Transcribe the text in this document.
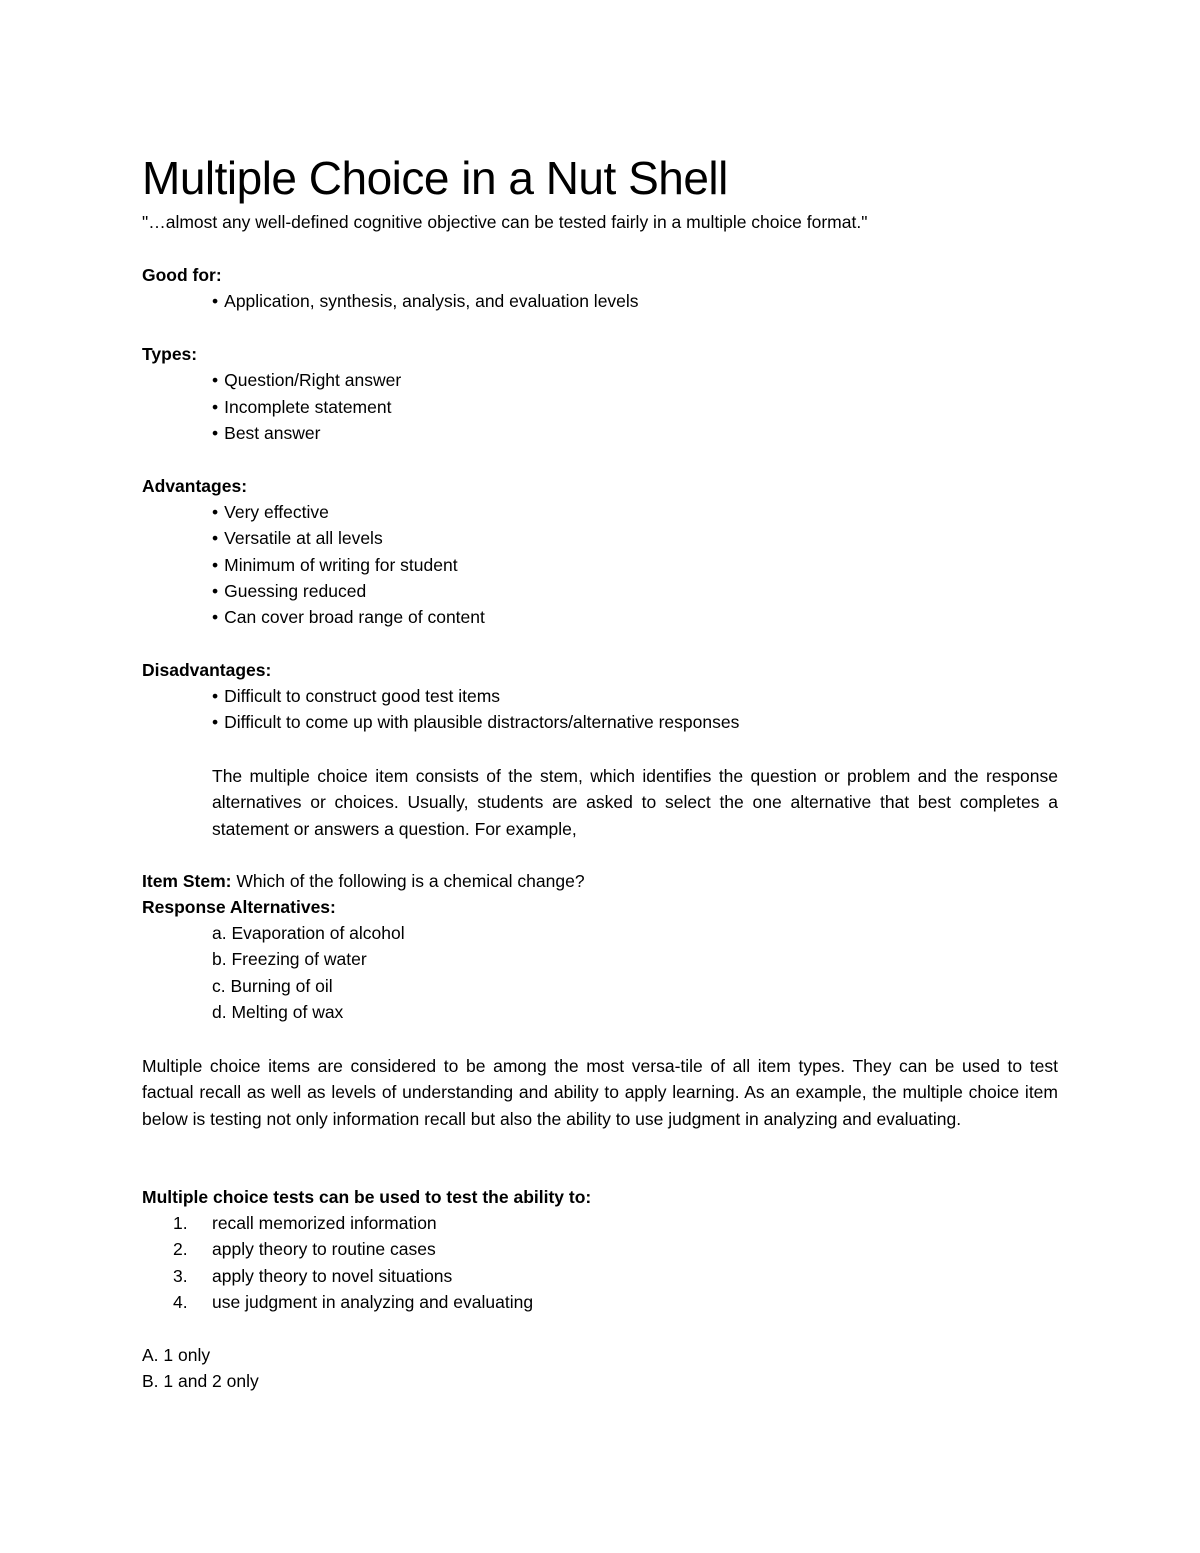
Multiple Choice in a Nut Shell
"…almost any well-defined cognitive objective can be tested fairly in a multiple choice format."
Good for:
• Application, synthesis, analysis, and evaluation levels
Types:
• Question/Right answer
• Incomplete statement
• Best answer
Advantages:
• Very effective
• Versatile at all levels
• Minimum of writing for student
• Guessing reduced
• Can cover broad range of content
Disadvantages:
• Difficult to construct good test items
• Difficult to come up with plausible distractors/alternative responses
The multiple choice item consists of the stem, which identifies the question or problem and the response alternatives or choices. Usually, students are asked to select the one alternative that best completes a statement or answers a question. For example,
Item Stem: Which of the following is a chemical change?
Response Alternatives:
a. Evaporation of alcohol
b. Freezing of water
c. Burning of oil
d. Melting of wax
Multiple choice items are considered to be among the most versa-tile of all item types. They can be used to test factual recall as well as levels of understanding and ability to apply learning. As an example, the multiple choice item below is testing not only information recall but also the ability to use judgment in analyzing and evaluating.
Multiple choice tests can be used to test the ability to:
1. recall memorized information
2. apply theory to routine cases
3. apply theory to novel situations
4. use judgment in analyzing and evaluating
A. 1 only
B. 1 and 2 only
